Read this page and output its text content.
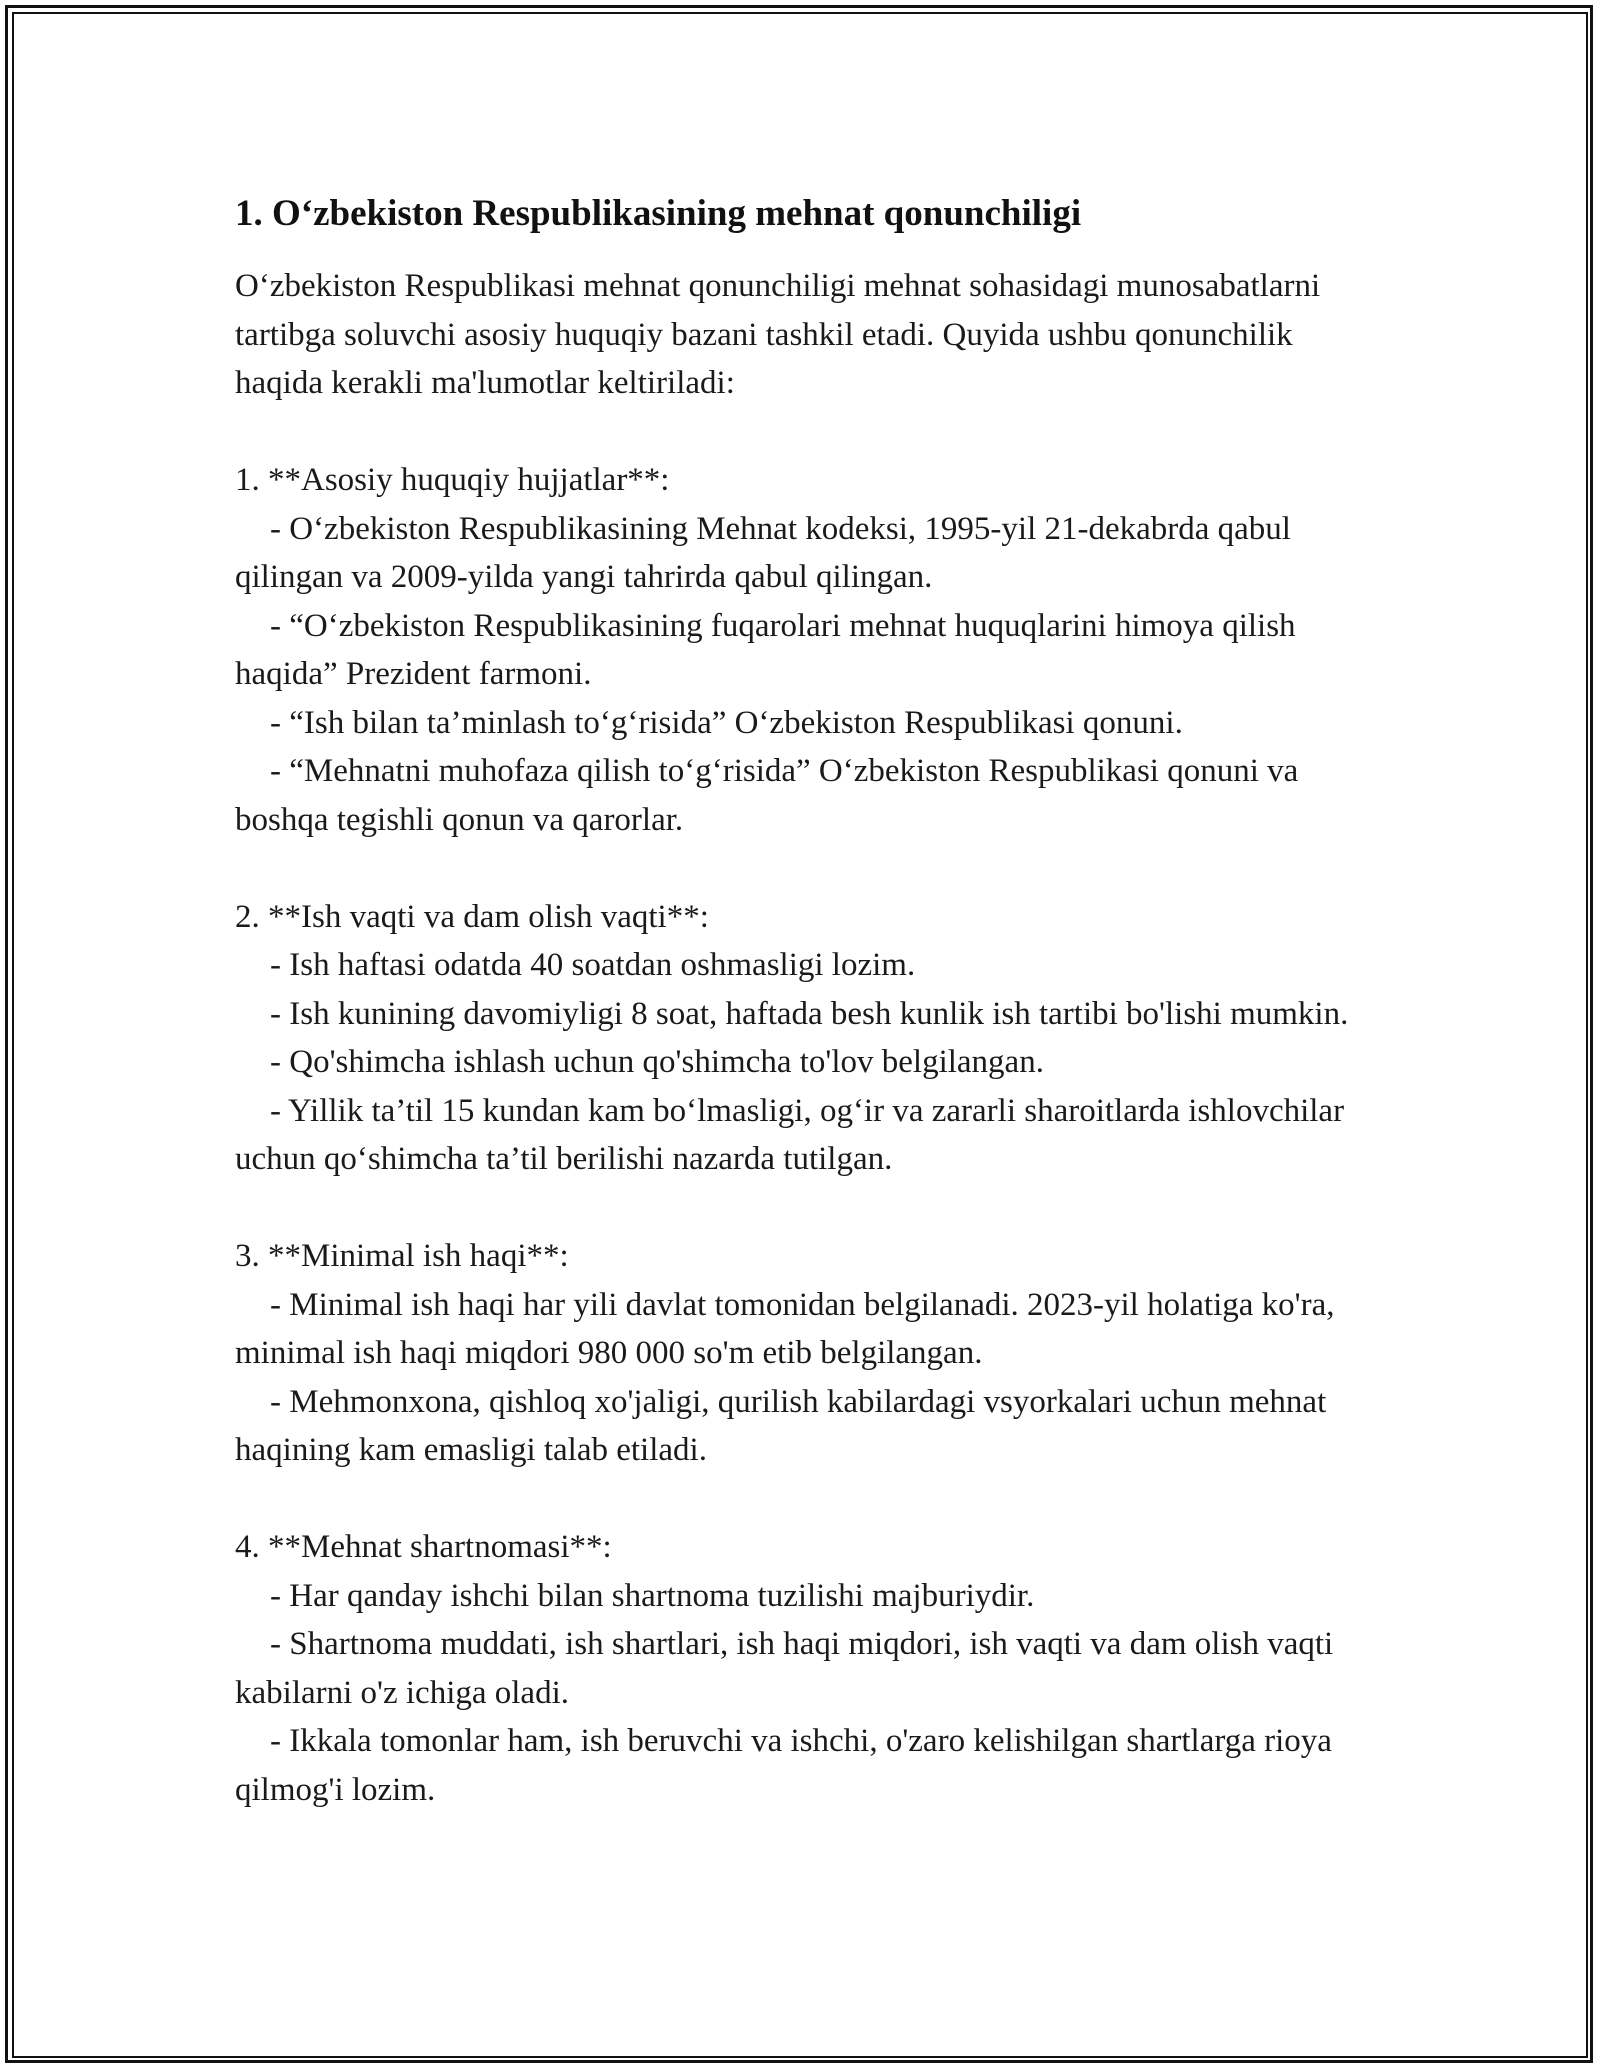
1. O‘zbekiston Respublikasining mehnat qonunchiligi

O‘zbekiston Respublikasi mehnat qonunchiligi mehnat sohasidagi munosabatlarni tartibga soluvchi asosiy huquqiy bazani tashkil etadi. Quyida ushbu qonunchilik haqida kerakli ma'lumotlar keltiriladi:

1. **Asosiy huquqiy hujjatlar**:

- O‘zbekiston Respublikasining Mehnat kodeksi, 1995-yil 21-dekabrda qabul qilingan va 2009-yilda yangi tahrirda qabul qilingan.

- “O‘zbekiston Respublikasining fuqarolari mehnat huquqlarini himoya qilish haqida” Prezident farmoni.

- “Ish bilan ta’minlash to‘g‘risida” O‘zbekiston Respublikasi qonuni.

- “Mehnatni muhofaza qilish to‘g‘risida” O‘zbekiston Respublikasi qonuni va boshqa tegishli qonun va qarorlar.

2. **Ish vaqti va dam olish vaqti**:

- Ish haftasi odatda 40 soatdan oshmasligi lozim.

- Ish kunining davomiyligi 8 soat, haftada besh kunlik ish tartibi bo'lishi mumkin.

- Qo'shimcha ishlash uchun qo'shimcha to'lov belgilangan.

- Yillik ta’til 15 kundan kam bo‘lmasligi, og‘ir va zararli sharoitlarda ishlovchilar uchun qo‘shimcha ta’til berilishi nazarda tutilgan.

3. **Minimal ish haqi**:

- Minimal ish haqi har yili davlat tomonidan belgilanadi. 2023-yil holatiga ko'ra, minimal ish haqi miqdori 980 000 so'm etib belgilangan.

- Mehmonxona, qishloq xo'jaligi, qurilish kabilardagi vsyorkalari uchun mehnat haqining kam emasligi talab etiladi.

4. **Mehnat shartnomasi**:

- Har qanday ishchi bilan shartnoma tuzilishi majburiydir.

- Shartnoma muddati, ish shartlari, ish haqi miqdori, ish vaqti va dam olish vaqti kabilarni o'z ichiga oladi.

- Ikkala tomonlar ham, ish beruvchi va ishchi, o'zaro kelishilgan shartlarga rioya qilmog'i lozim.
